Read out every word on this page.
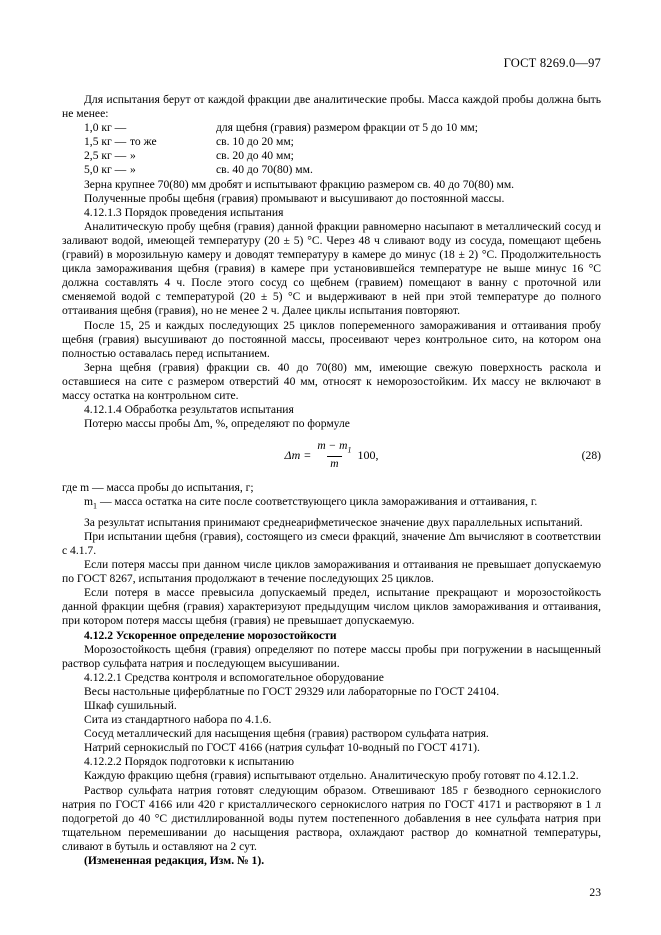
ГОСТ 8269.0—97

Для испытания берут от каждой фракции две аналитические пробы. Масса каждой пробы должна быть не менее:

1,0 кг —	для щебня (гравия) размером фракции от 5 до 10 мм;
1,5 кг — то же	св. 10 до 20 мм;
2,5 кг — »	св. 20 до 40 мм;
5,0 кг — »	св. 40 до 70(80) мм.

Зерна крупнее 70(80) мм дробят и испытывают фракцию размером св. 40 до 70(80) мм.

Полученные пробы щебня (гравия) промывают и высушивают до постоянной массы.

4.12.1.3 Порядок проведения испытания

Аналитическую пробу щебня (гравия) данной фракции равномерно насыпают в металлический сосуд и заливают водой, имеющей температуру (20 ± 5) °С. Через 48 ч сливают воду из сосуда, помещают щебень (гравий) в морозильную камеру и доводят температуру в камере до минус (18 ± 2) °С. Продолжительность цикла замораживания щебня (гравия) в камере при установившейся температуре не выше минус 16 °С должна составлять 4 ч. После этого сосуд со щебнем (гравием) помещают в ванну с проточной или сменяемой водой с температурой (20 ± 5) °С и выдерживают в ней при этой температуре до полного оттаивания щебня (гравия), но не менее 2 ч. Далее циклы испытания повторяют.

После 15, 25 и каждых последующих 25 циклов попеременного замораживания и оттаивания пробу щебня (гравия) высушивают до постоянной массы, просеивают через контрольное сито, на котором она полностью оставалась перед испытанием.

Зерна щебня (гравия) фракции св. 40 до 70(80) мм, имеющие свежую поверхность раскола и оставшиеся на сите с размером отверстий 40 мм, относят к неморозостойким. Их массу не включают в массу остатка на контрольном сите.

4.12.1.4 Обработка результатов испытания

Потерю массы пробы Δm, %, определяют по формуле

$\Delta m = \frac{m - m_1}{m} 100$,	(28)
где m — масса пробы до испытания, г;
$m_1$ — масса остатка на сите после соответствующего цикла замораживания и оттаивания, г.

За результат испытания принимают среднеарифметическое значение двух параллельных испытаний.

При испытании щебня (гравия), состоящего из смеси фракций, значение Δm вычисляют в соответствии с 4.1.7.

Если потеря массы при данном числе циклов замораживания и оттаивания не превышает допускаемую по ГОСТ 8267, испытания продолжают в течение последующих 25 циклов.

Если потеря в массе превысила допускаемый предел, испытание прекращают и морозостойкость данной фракции щебня (гравия) характеризуют предыдущим числом циклов замораживания и оттаивания, при котором потеря массы щебня (гравия) не превышает допускаемую.

4.12.2 Ускоренное определение морозостойкости

Морозостойкость щебня (гравия) определяют по потере массы пробы при погружении в насыщенный раствор сульфата натрия и последующем высушивании.

4.12.2.1 Средства контроля и вспомогательное оборудование

Весы настольные циферблатные по ГОСТ 29329 или лабораторные по ГОСТ 24104.

Шкаф сушильный.

Сита из стандартного набора по 4.1.6.

Сосуд металлический для насыщения щебня (гравия) раствором сульфата натрия.

Натрий сернокислый по ГОСТ 4166 (натрия сульфат 10-водный по ГОСТ 4171).

4.12.2.2 Порядок подготовки к испытанию

Каждую фракцию щебня (гравия) испытывают отдельно. Аналитическую пробу готовят по 4.12.1.2.

Раствор сульфата натрия готовят следующим образом. Отвешивают 185 г безводного сернокислого натрия по ГОСТ 4166 или 420 г кристаллического сернокислого натрия по ГОСТ 4171 и растворяют в 1 л подогретой до 40 °С дистиллированной воды путем постепенного добавления в нее сульфата натрия при тщательном перемешивании до насыщения раствора, охлаждают раствор до комнатной температуры, сливают в бутыль и оставляют на 2 сут.

(Измененная редакция, Изм. № 1).

23
